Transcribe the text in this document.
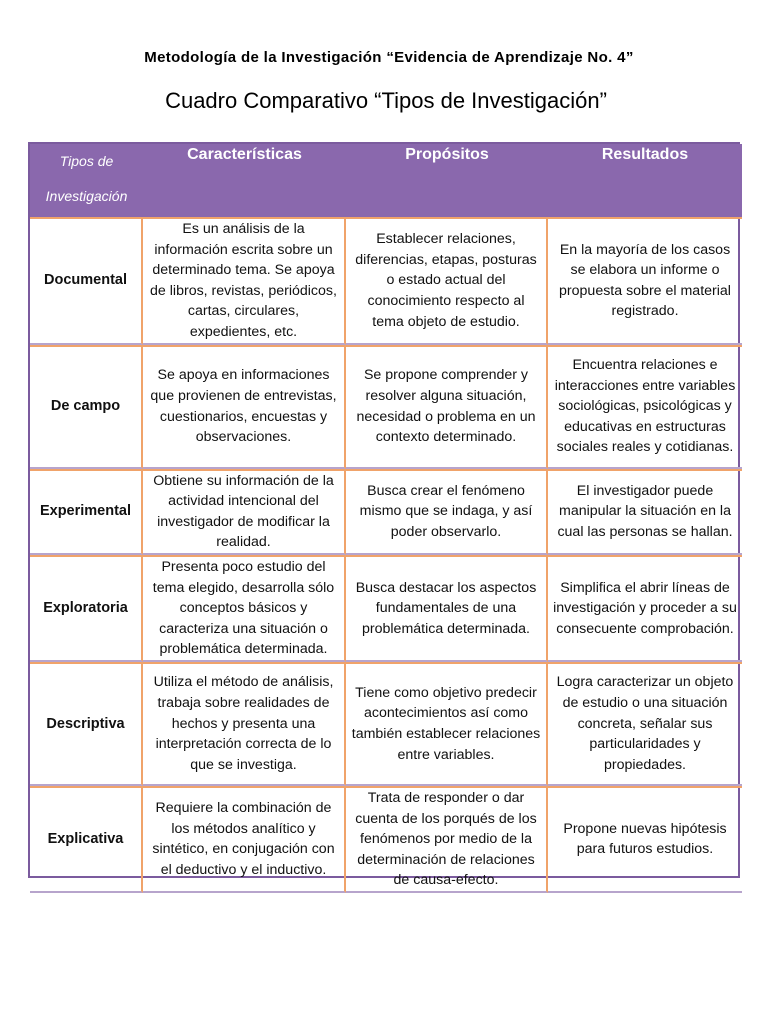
Metodología de la Investigación “Evidencia de Aprendizaje No. 4”
Cuadro Comparativo “Tipos de Investigación”
Tipos de
Investigación	Características	Propósitos	Resultados
Documental	Es un análisis de la información escrita sobre un determinado tema. Se apoya de libros, revistas, periódicos, cartas, circulares, expedientes, etc.	Establecer relaciones, diferencias, etapas, posturas o estado actual del conocimiento respecto al tema objeto de estudio.	En la mayoría de los casos se elabora un informe o propuesta sobre el material registrado.
De campo	Se apoya en informaciones que provienen de entrevistas, cuestionarios, encuestas y observaciones.	Se propone comprender y resolver alguna situación, necesidad o problema en un contexto determinado.	Encuentra relaciones e interacciones entre variables sociológicas, psicológicas y educativas en estructuras sociales reales y cotidianas.
Experimental	Obtiene su información de la actividad intencional del investigador de modificar la realidad.	Busca crear el fenómeno mismo que se indaga, y así poder observarlo.	El investigador puede manipular la situación en la cual las personas se hallan.
Exploratoria	Presenta poco estudio del tema elegido, desarrolla sólo conceptos básicos y caracteriza una situación o problemática determinada.	Busca destacar los aspectos fundamentales de una problemática determinada.	Simplifica el abrir líneas de investigación y proceder a su consecuente comprobación.
Descriptiva	Utiliza el método de análisis, trabaja sobre realidades de hechos y presenta una interpretación correcta de lo que se investiga.	Tiene como objetivo predecir acontecimientos así como también establecer relaciones entre variables.	Logra caracterizar un objeto de estudio o una situación concreta, señalar sus particularidades y propiedades.
Explicativa	Requiere la combinación de los métodos analítico y sintético, en conjugación con el deductivo y el inductivo.	Trata de responder o dar cuenta de los porqués de los fenómenos por medio de la determinación de relaciones de causa-efecto.	Propone nuevas hipótesis para futuros estudios.
